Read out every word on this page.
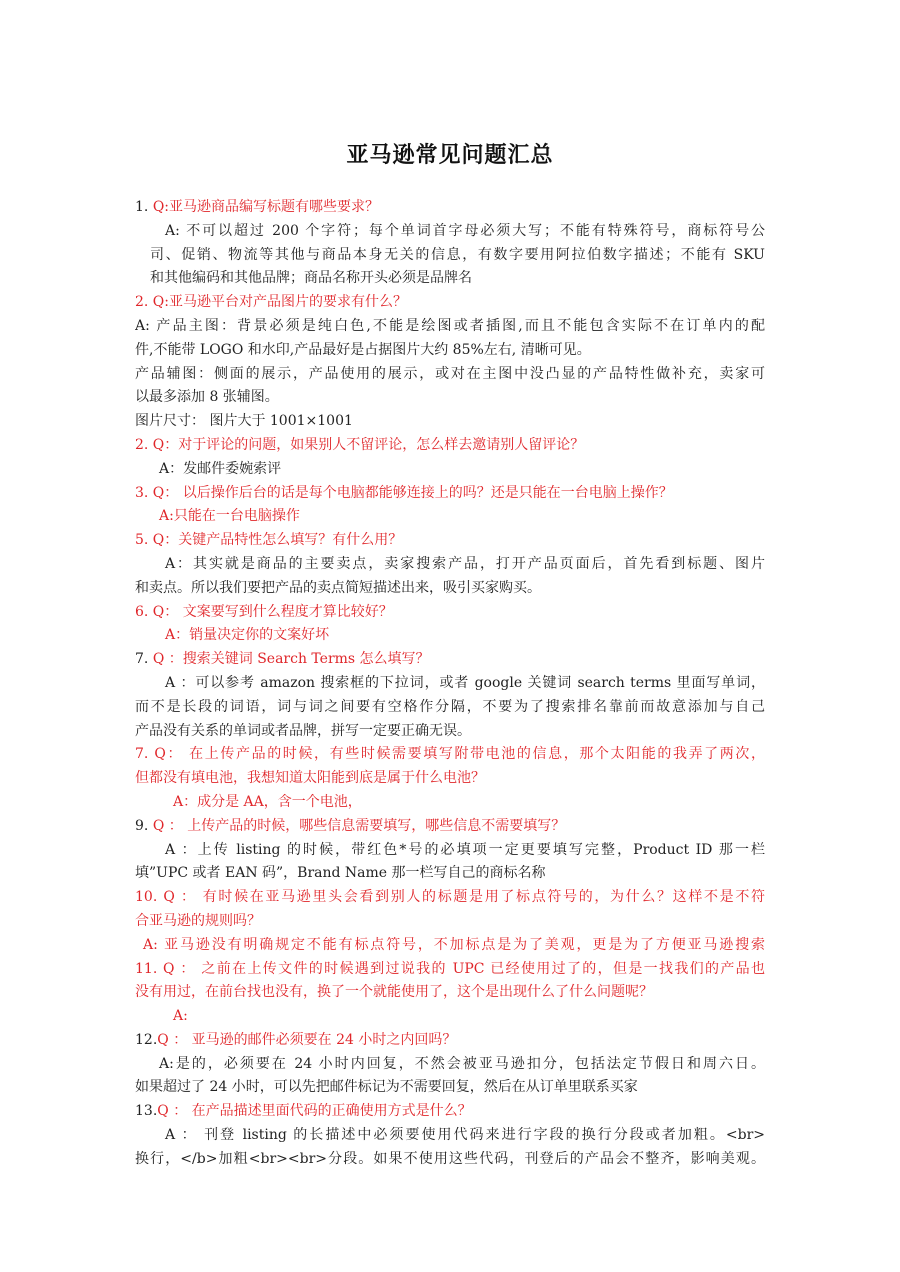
亚马逊常见问题汇总
1. Q:亚马逊商品编写标题有哪些要求？
A: 不可以超过 200 个字符；每个单词首字母必须大写；不能有特殊符号，商标符号公
司、促销、物流等其他与商品本身无关的信息，有数字要用阿拉伯数字描述；不能有 SKU
和其他编码和其他品牌；商品名称开头必须是品牌名
2. Q:亚马逊平台对产品图片的要求有什么？
A: 产品主图：背景必须是纯白色,不能是绘图或者插图,而且不能包含实际不在订单内的配
件,不能带 LOGO 和水印,产品最好是占据图片大约 85%左右, 清晰可见。
产品辅图：侧面的展示，产品使用的展示，或对在主图中没凸显的产品特性做补充，卖家可
以最多添加 8 张辅图。
图片尺寸： 图片大于 1001×1001
2. Q：对于评论的问题，如果别人不留评论，怎么样去邀请别人留评论？
A：发邮件委婉索评
3. Q： 以后操作后台的话是每个电脑都能够连接上的吗？还是只能在一台电脑上操作？
A:只能在一台电脑操作
5. Q：关键产品特性怎么填写？有什么用？
A：其实就是商品的主要卖点，卖家搜索产品，打开产品页面后，首先看到标题、图片
和卖点。所以我们要把产品的卖点简短描述出来，吸引买家购买。
6. Q： 文案要写到什么程度才算比较好？
A：销量决定你的文案好坏
7. Q ：搜索关键词 Search Terms 怎么填写？
A ：可以参考 amazon 搜索框的下拉词，或者 google 关键词 search terms 里面写单词，
而不是长段的词语，词与词之间要有空格作分隔，不要为了搜索排名靠前而故意添加与自己
产品没有关系的单词或者品牌，拼写一定要正确无误。
7. Q： 在上传产品的时候，有些时候需要填写附带电池的信息，那个太阳能的我弄了两次，
但都没有填电池，我想知道太阳能到底是属于什么电池？
A：成分是 AA，含一个电池，
9. Q ： 上传产品的时候，哪些信息需要填写，哪些信息不需要填写？
A ：上传 listing 的时候，带红色*号的必填项一定更要填写完整，Product ID 那一栏
填”UPC 或者 EAN 码”，Brand Name 那一栏写自己的商标名称
10. Q ： 有时候在亚马逊里头会看到别人的标题是用了标点符号的，为什么？这样不是不符
合亚马逊的规则吗？
A: 亚马逊没有明确规定不能有标点符号，不加标点是为了美观，更是为了方便亚马逊搜索
11. Q ： 之前在上传文件的时候遇到过说我的 UPC 已经使用过了的，但是一找我们的产品也
没有用过，在前台找也没有，换了一个就能使用了，这个是出现什么了什么问题呢？
A:
12.Q ： 亚马逊的邮件必须要在 24 小时之内回吗？
A:是的，必须要在 24 小时内回复，不然会被亚马逊扣分，包括法定节假日和周六日。
如果超过了 24 小时，可以先把邮件标记为不需要回复，然后在从订单里联系买家
13.Q ： 在产品描述里面代码的正确使用方式是什么？
A ： 刊登 listing 的长描述中必须要使用代码来进行字段的换行分段或者加粗。<br>
换行，</b>加粗<br><br>分段。如果不使用这些代码，刊登后的产品会不整齐，影响美观。
